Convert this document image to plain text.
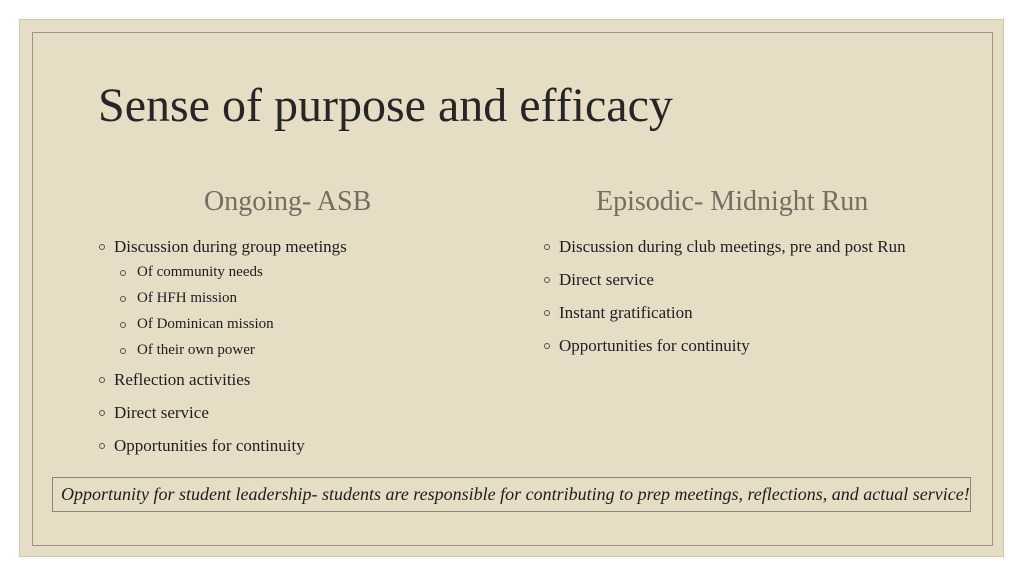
Sense of purpose and efficacy
Ongoing- ASB	Episodic- Midnight Run
Discussion during group meetings
Of community needs
Of HFH mission
Of Dominican mission
Of their own power
Reflection activities
Direct service
Opportunities for continuity
Discussion during club meetings, pre and post Run
Direct service
Instant gratification
Opportunities for continuity
Opportunity for student leadership- students are responsible for contributing to prep meetings, reflections, and actual service!
